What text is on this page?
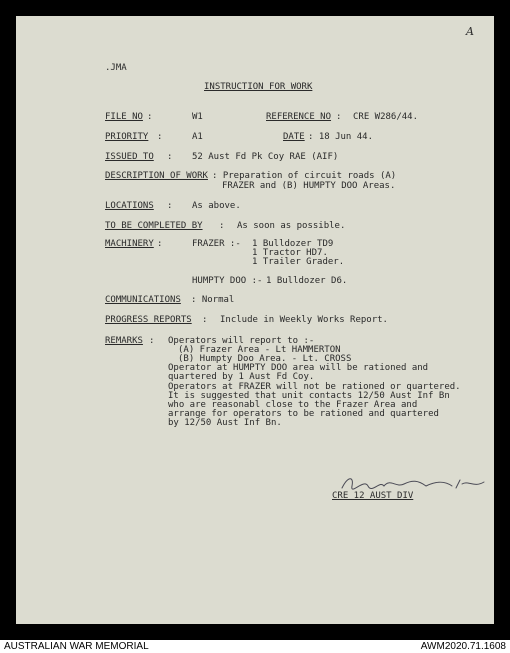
A
.JMA
INSTRUCTION FOR WORK
FILE NO :	W1	REFERENCE NO : CRE W286/44.
PRIORITY :	A1	DATE : 18 Jun 44.
ISSUED TO : 52 Aust Fd Pk Coy RAE (AIF)
DESCRIPTION OF WORK : Preparation of circuit roads (A)
FRAZER and (B) HUMPTY DOO Areas.
LOCATIONS : As above.
TO BE COMPLETED BY : As soon as possible.
MACHINERY :	FRAZER :- 1 Bulldozer TD9
1 Tractor HD7.
1 Trailer Grader.
HUMPTY DOO :- 1 Bulldozer D6.
COMMUNICATIONS : Normal
PROGRESS REPORTS : Include in Weekly Works Report.
REMARKS : Operators will report to :-
(A) Frazer Area - Lt HAMMERTON
(B) Humpty Doo Area. - Lt. CROSS
Operator at HUMPTY DOO area will be rationed and
quartered by 1 Aust Fd Coy.
Operators at FRAZER will not be rationed or quartered.
It is suggested that unit contacts 12/50 Aust Inf Bn
who are reasonabl close to the Frazer Area and
arrange for operators to be rationed and quartered
by 12/50 Aust Inf Bn.
CRE 12 AUST DIV
AUSTRALIAN WAR MEMORIAL	AWM2020.71.1608
